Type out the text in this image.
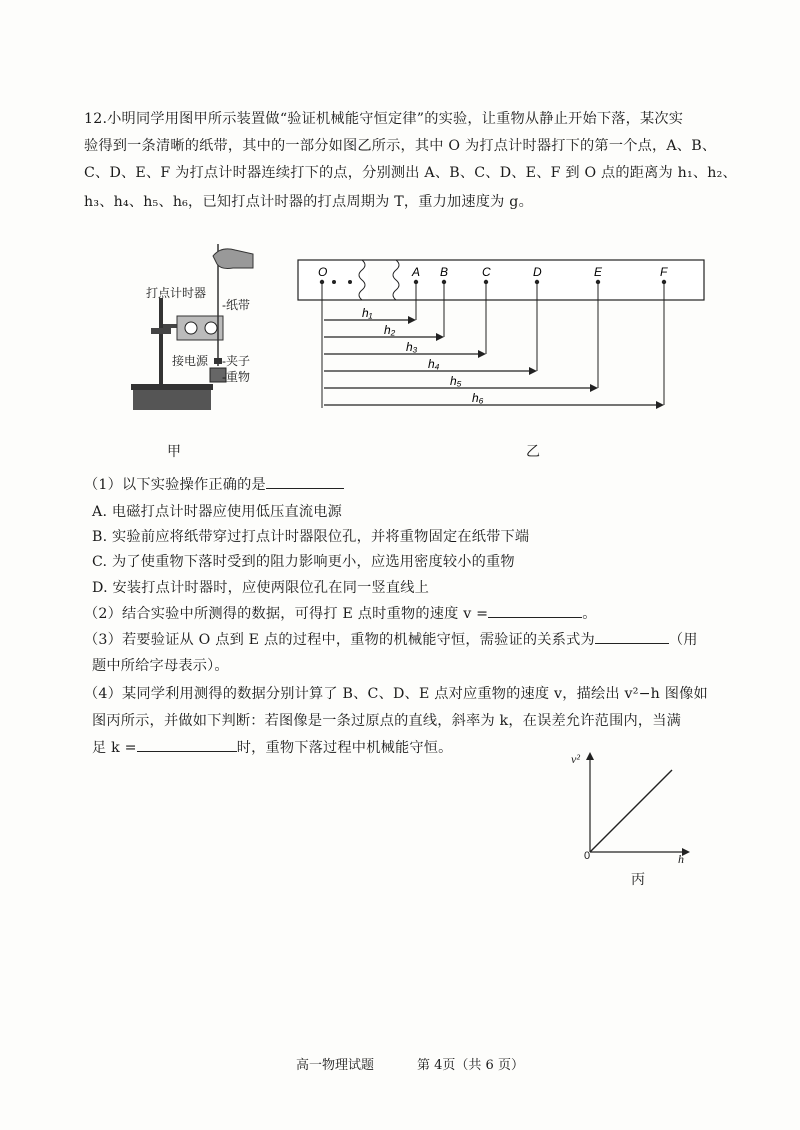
12.小明同学用图甲所示装置做“验证机械能守恒定律”的实验，让重物从静止开始下落，某次实
验得到一条清晰的纸带，其中的一部分如图乙所示，其中 O 为打点计时器打下的第一个点，A、B、
C、D、E、F 为打点计时器连续打下的点，分别测出 A、B、C、D、E、F 到 O 点的距离为 h₁、h₂、
h₃、h₄、h₅、h₆，已知打点计时器的打点周期为 T，重力加速度为 g。
打点计时器
-纸带
接电源 -夹子
-重物
甲
O	A B	C	D	E	F
h₁
h₂
h₃
h₄
h₅
h₆
乙
（1）以下实验操作正确的是
A. 电磁打点计时器应使用低压直流电源
B. 实验前应将纸带穿过打点计时器限位孔，并将重物固定在纸带下端
C. 为了使重物下落时受到的阻力影响更小，应选用密度较小的重物
D. 安装打点计时器时，应使两限位孔在同一竖直线上
（2）结合实验中所测得的数据，可得打 E 点时重物的速度 v =	。
（3）若要验证从 O 点到 E 点的过程中，重物的机械能守恒，需验证的关系式为	（用
题中所给字母表示）。
（4）某同学利用测得的数据分别计算了 B、C、D、E 点对应重物的速度 v，描绘出 v²−h 图像如
图丙所示，并做如下判断：若图像是一条过原点的直线，斜率为 k，在误差允许范围内，当满
足 k =	时，重物下落过程中机械能守恒。
v²
h
0
丙
高一物理试题	第 4页（共 6 页）
